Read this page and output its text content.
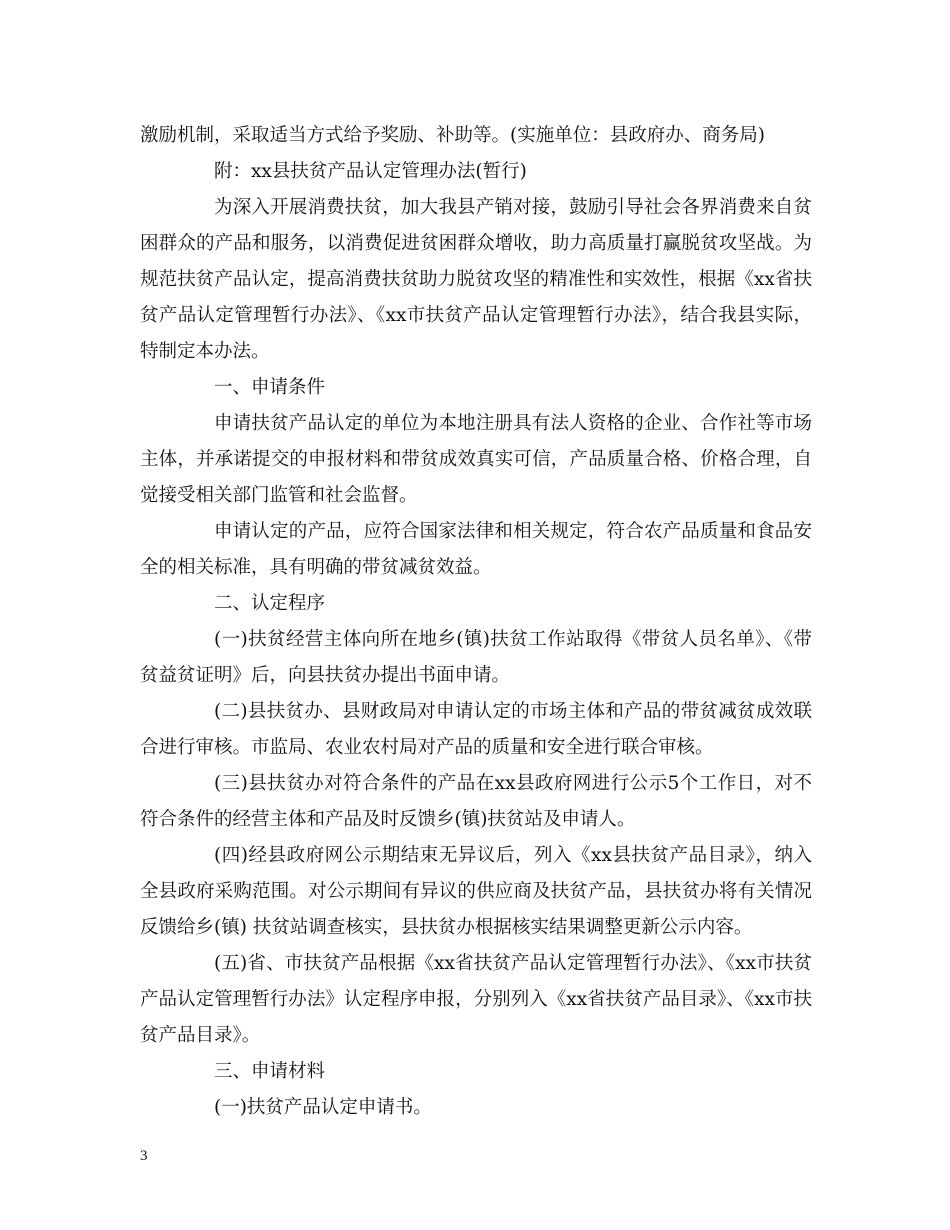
激励机制，采取适当方式给予奖励、补助等。(实施单位：县政府办、商务局)

附：xx县扶贫产品认定管理办法(暂行)

为深入开展消费扶贫，加大我县产销对接，鼓励引导社会各界消费来自贫困群众的产品和服务，以消费促进贫困群众增收，助力高质量打赢脱贫攻坚战。为规范扶贫产品认定，提高消费扶贫助力脱贫攻坚的精准性和实效性，根据《xx省扶贫产品认定管理暂行办法》、《xx市扶贫产品认定管理暂行办法》，结合我县实际，特制定本办法。

一、申请条件

申请扶贫产品认定的单位为本地注册具有法人资格的企业、合作社等市场主体，并承诺提交的申报材料和带贫成效真实可信，产品质量合格、价格合理，自觉接受相关部门监管和社会监督。

申请认定的产品，应符合国家法律和相关规定，符合农产品质量和食品安全的相关标准，具有明确的带贫减贫效益。

二、认定程序

(一)扶贫经营主体向所在地乡(镇)扶贫工作站取得《带贫人员名单》、《带贫益贫证明》后，向县扶贫办提出书面申请。

(二)县扶贫办、县财政局对申请认定的市场主体和产品的带贫减贫成效联合进行审核。市监局、农业农村局对产品的质量和安全进行联合审核。

(三)县扶贫办对符合条件的产品在xx县政府网进行公示5个工作日，对不符合条件的经营主体和产品及时反馈乡(镇)扶贫站及申请人。

(四)经县政府网公示期结束无异议后，列入《xx县扶贫产品目录》，纳入全县政府采购范围。对公示期间有异议的供应商及扶贫产品，县扶贫办将有关情况反馈给乡(镇) 扶贫站调查核实，县扶贫办根据核实结果调整更新公示内容。

(五)省、市扶贫产品根据《xx省扶贫产品认定管理暂行办法》、《xx市扶贫产品认定管理暂行办法》认定程序申报，分别列入《xx省扶贫产品目录》、《xx市扶贫产品目录》。

三、申请材料

(一)扶贫产品认定申请书。

3
